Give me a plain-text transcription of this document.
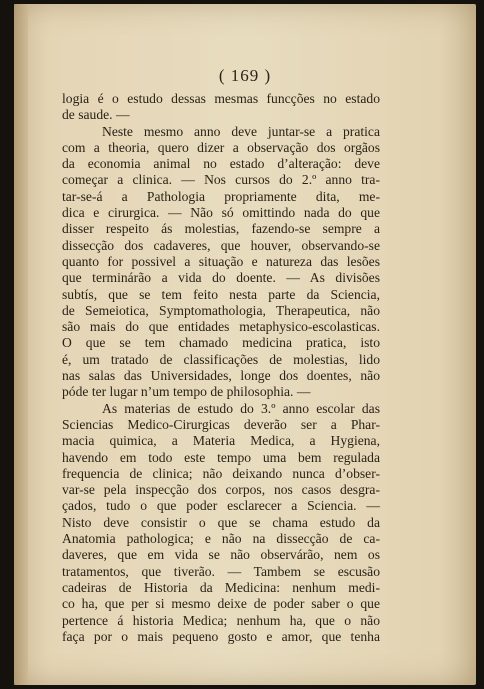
( 169 )
logia é o estudo dessas mesmas funcções no estado
de saude. —
Neste mesmo anno deve juntar-se a pratica
com a theoria, quero dizer a observação dos orgãos
da economia animal no estado d’alteração: deve
começar a clinica. — Nos cursos do 2.º anno tra-
tar-se-á a Pathologia propriamente dita, me-
dica e cirurgica. — Não só omittindo nada do que
disser respeito ás molestias, fazendo-se sempre a
dissecção dos cadaveres, que houver, observando-se
quanto for possivel a situação e natureza das lesões
que terminárão a vida do doente. — As divisões
subtís, que se tem feito nesta parte da Sciencia,
de Semeiotica, Symptomathologia, Therapeutica, não
são mais do que entidades metaphysico-escolasticas.
O que se tem chamado medicina pratica, isto
é, um tratado de classificações de molestias, lido
nas salas das Universidades, longe dos doentes, não
póde ter lugar n’um tempo de philosophia. —
As materias de estudo do 3.º anno escolar das
Sciencias Medico-Cirurgicas deverão ser a Phar-
macia quimica, a Materia Medica, a Hygiena,
havendo em todo este tempo uma bem regulada
frequencia de clinica; não deixando nunca d’obser-
var-se pela inspecção dos corpos, nos casos desgra-
çados, tudo o que poder esclarecer a Sciencia. —
Nisto deve consistir o que se chama estudo da
Anatomia pathologica; e não na dissecção de ca-
daveres, que em vida se não observárão, nem os
tratamentos, que tiverão. — Tambem se escusão
cadeiras de Historia da Medicina: nenhum medi-
co ha, que per si mesmo deixe de poder saber o que
pertence á historia Medica; nenhum ha, que o não
faça por o mais pequeno gosto e amor, que tenha
